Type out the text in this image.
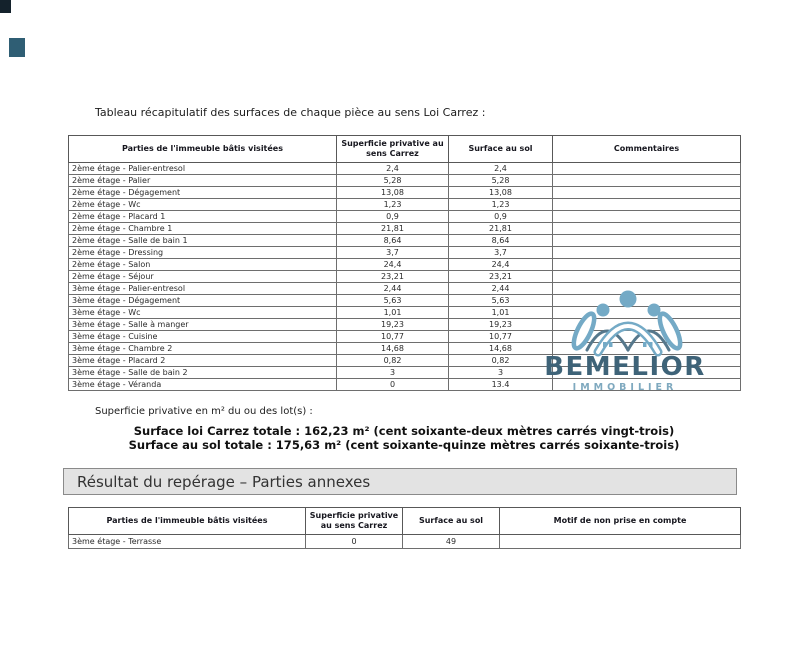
Tableau récapitulatif des surfaces de chaque pièce au sens Loi Carrez :
Parties de l'immeuble bâtis visitées	Superficie privative au sens Carrez	Surface au sol	Commentaires
2ème étage - Palier-entresol	2,4	2,4	
2ème étage - Palier	5,28	5,28	
2ème étage - Dégagement	13,08	13,08	
2ème étage - Wc	1,23	1,23	
2ème étage - Placard 1	0,9	0,9	
2ème étage - Chambre 1	21,81	21,81	
2ème étage - Salle de bain 1	8,64	8,64	
2ème étage - Dressing	3,7	3,7	
2ème étage - Salon	24,4	24,4	
2ème étage - Séjour	23,21	23,21	
3ème étage - Palier-entresol	2,44	2,44	
3ème étage - Dégagement	5,63	5,63	
3ème étage - Wc	1,01	1,01	
3ème étage - Salle à manger	19,23	19,23	
3ème étage - Cuisine	10,77	10,77	
3ème étage - Chambre 2	14,68	14,68	
3ème étage - Placard 2	0,82	0,82	
3ème étage - Salle de bain 2	3	3	
3ème étage - Véranda	0	13.4	
BEMELIOR
IMMOBILIER
Superficie privative en m² du ou des lot(s) :
Surface loi Carrez totale : 162,23 m² (cent soixante-deux mètres carrés vingt-trois)
Surface au sol totale : 175,63 m² (cent soixante-quinze mètres carrés soixante-trois)
Résultat du repérage – Parties annexes
Parties de l'immeuble bâtis visitées	Superficie privative au sens Carrez	Surface au sol	Motif de non prise en compte
3ème étage - Terrasse	0	49	
